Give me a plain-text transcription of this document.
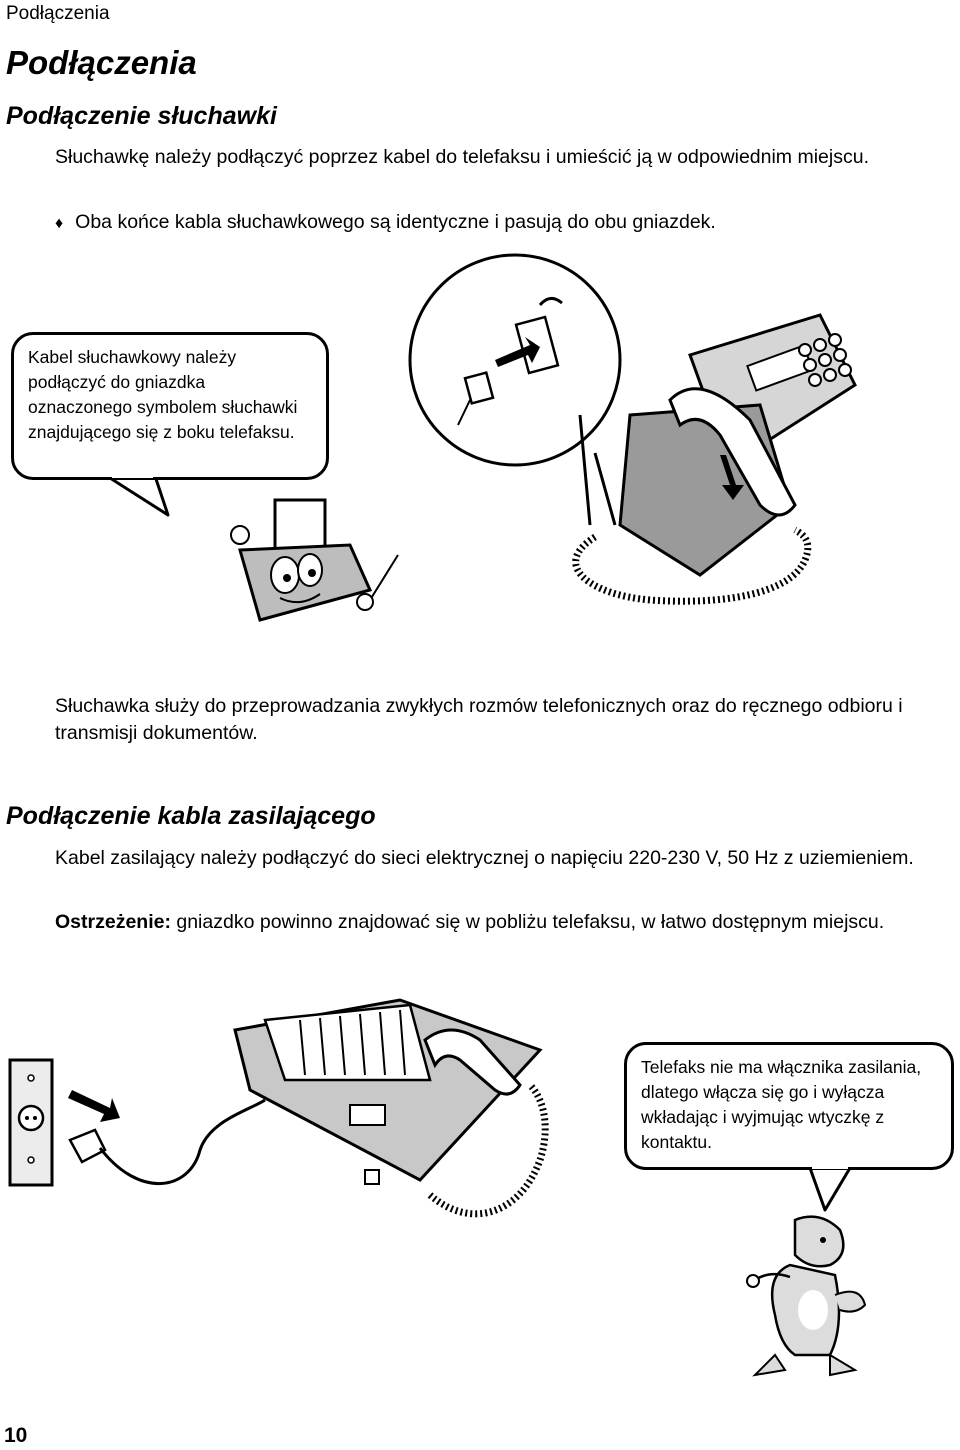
Podłączenia
Podłączenia
Podłączenie słuchawki
Słuchawkę należy podłączyć poprzez kabel do telefaksu i umieścić ją w odpowiednim miejscu.
♦ Oba końce kabla słuchawkowego są identyczne i pasują do obu gniazdek.
Kabel słuchawkowy należy podłączyć do gniazdka oznaczonego symbolem słuchawki znajdującego się z boku telefaksu.
Słuchawka służy do przeprowadzania zwykłych rozmów telefonicznych oraz do ręcznego odbioru i transmisji dokumentów.
Podłączenie kabla zasilającego
Kabel zasilający należy podłączyć do sieci elektrycznej o napięciu 220-230 V, 50 Hz z uziemieniem.
Ostrzeżenie: gniazdko powinno znajdować się w pobliżu telefaksu, w łatwo dostępnym miejscu.
Telefaks nie ma włącznika zasilania, dlatego włącza się go i wyłącza wkładając i wyjmując wtyczkę z kontaktu.
10
